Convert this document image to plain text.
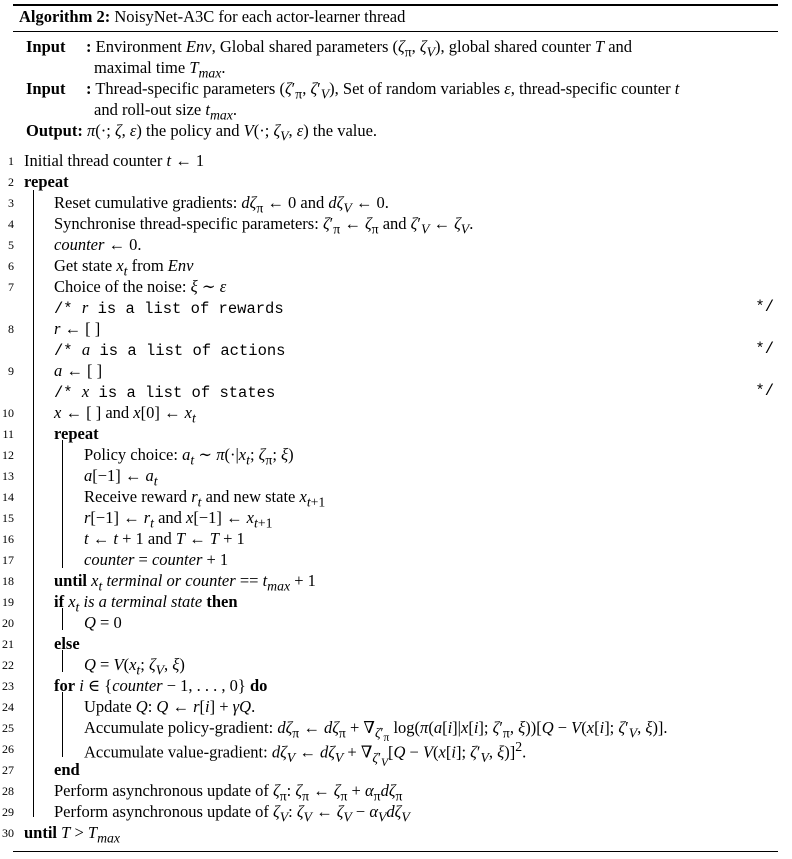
Algorithm 2: NoisyNet-A3C for each actor-learner thread
Input : Environment Env, Global shared parameters ($\zeta_\pi$, $\zeta_V$), global shared counter T and
maximal time $T_{max}$.
Input : Thread-specific parameters ($\zeta'_\pi$, $\zeta'_V$), Set of random variables ε, thread-specific counter t
and roll-out size $t_{max}$.
Output: π(·; ζ, ε) the policy and V(·; $\zeta_V$, ε) the value.
1 Initial thread counter t ← 1
2 repeat
3 Reset cumulative gradients: $d\zeta_\pi$ ← 0 and $d\zeta_V$ ← 0.
4 Synchronise thread-specific parameters: $\zeta'_\pi$ ← $\zeta_\pi$ and $\zeta'_V$ ← $\zeta_V$.
5 counter ← 0.
6 Get state $x_t$ from Env
7 Choice of the noise: ξ ∼ ε
/* r is a list of rewards	*/
8 r ← [ ]
/* a is a list of actions	*/
9 a ← [ ]
/* x is a list of states	*/
10 x ← [ ] and x[0] ← $x_t$
11 repeat
12	Policy choice: $a_t$ ∼ $\pi(\cdot|x_t$; $\zeta_\pi$; ξ)
13	a[−1] ← $a_t$
14	Receive reward $r_t$ and new state $x_{t+1}$
15	r[−1] ← $r_t$ and x[−1] ← $x_{t+1}$
16	t ← t + 1 and T ← T + 1
17	counter = counter + 1
18 until $x_t$ terminal or counter == $t_{max} + 1$
19 if $x_t$ is a terminal state then
20	Q = 0
21 else
22	$Q = V(x_t$; $\zeta_V$, ξ)
23 for i ∈ {counter − 1, . . . , 0} do
24	Update Q: Q ← r[i] + γQ.
25	Accumulate policy-gradient: $d\zeta_\pi$ ← $d\zeta_\pi + \nabla_{\zeta'_\pi}$ log(π(a[i]|x[i]; $\zeta'_\pi$, ξ))[Q − V(x[i]; $\zeta'_V$, ξ)].
26	Accumulate value-gradient: $d\zeta_V$ ← $d\zeta_V + \nabla_{\zeta'_V}[Q - V(x[i]$; $\zeta'_V$, ξ)]$^2$.
27 end
28 Perform asynchronous update of $\zeta_\pi$: $\zeta_\pi$ ← $\zeta_\pi + \alpha_\pi d\zeta_\pi$
29 Perform asynchronous update of $\zeta_V$: $\zeta_V$ ← $\zeta_V - \alpha_Vd\zeta_V$
30 until $T > T_{max}$
